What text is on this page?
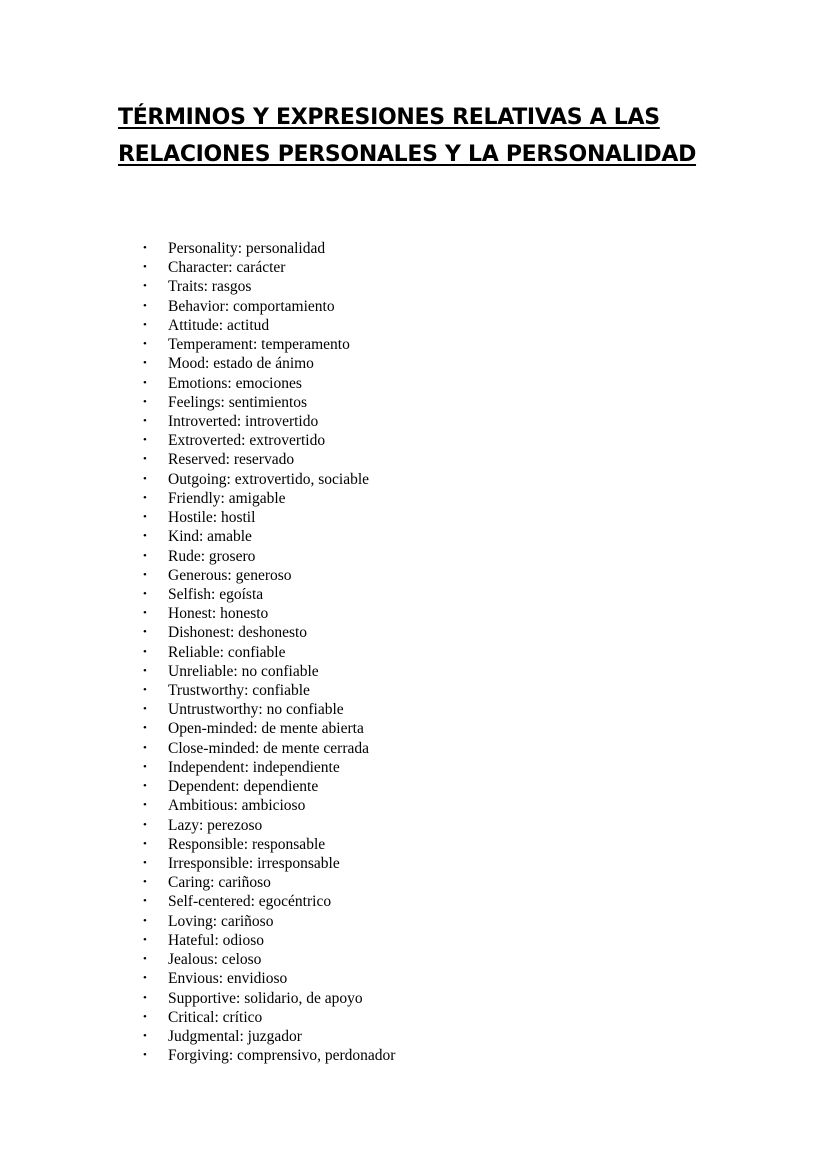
TÉRMINOS Y EXPRESIONES RELATIVAS A LAS
RELACIONES PERSONALES Y LA PERSONALIDAD
• Personality: personalidad
• Character: carácter
• Traits: rasgos
• Behavior: comportamiento
• Attitude: actitud
• Temperament: temperamento
• Mood: estado de ánimo
• Emotions: emociones
• Feelings: sentimientos
• Introverted: introvertido
• Extroverted: extrovertido
• Reserved: reservado
• Outgoing: extrovertido, sociable
• Friendly: amigable
• Hostile: hostil
• Kind: amable
• Rude: grosero
• Generous: generoso
• Selfish: egoísta
• Honest: honesto
• Dishonest: deshonesto
• Reliable: confiable
• Unreliable: no confiable
• Trustworthy: confiable
• Untrustworthy: no confiable
• Open-minded: de mente abierta
• Close-minded: de mente cerrada
• Independent: independiente
• Dependent: dependiente
• Ambitious: ambicioso
• Lazy: perezoso
• Responsible: responsable
• Irresponsible: irresponsable
• Caring: cariñoso
• Self-centered: egocéntrico
• Loving: cariñoso
• Hateful: odioso
• Jealous: celoso
• Envious: envidioso
• Supportive: solidario, de apoyo
• Critical: crítico
• Judgmental: juzgador
• Forgiving: comprensivo, perdonador
